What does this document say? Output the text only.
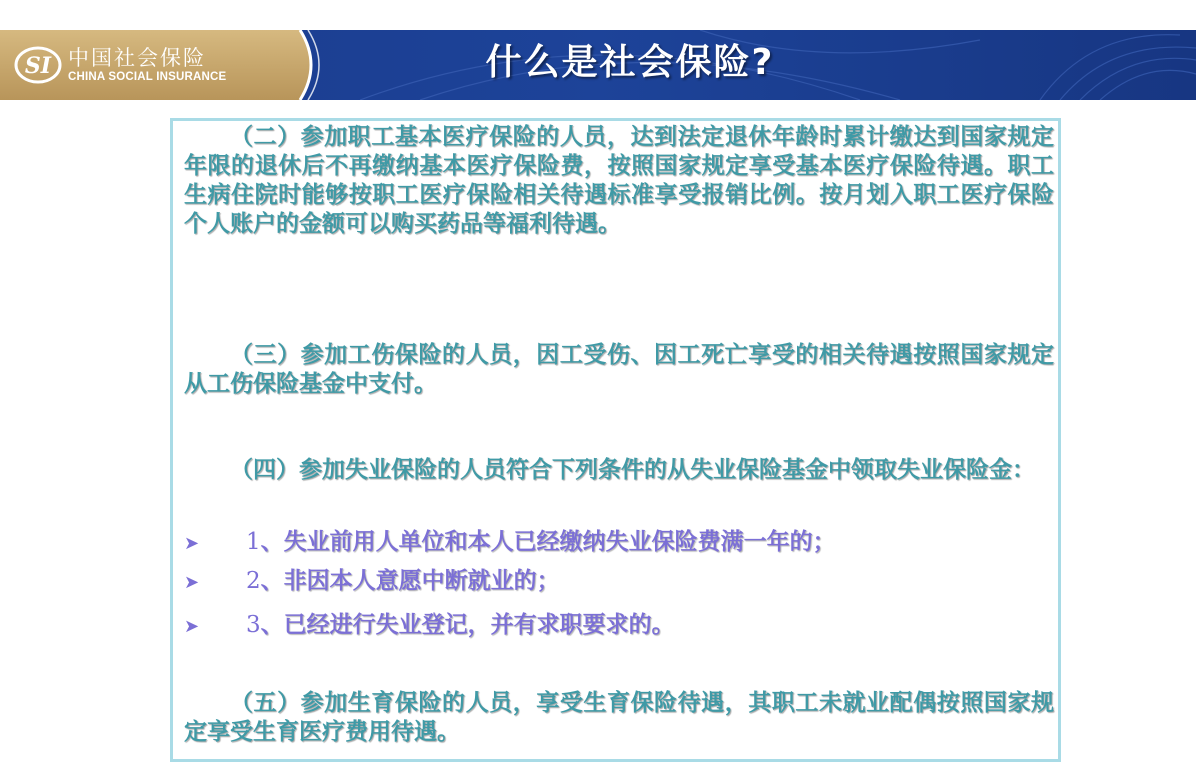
SI 中国社会保险
CHINA SOCIAL INSURANCE	什么是社会保险?
（二）参加职工基本医疗保险的人员，达到法定退休年龄时累计缴达到国家规定年限的退休后不再缴纳基本医疗保险费，按照国家规定享受基本医疗保险待遇。职工生病住院时能够按职工医疗保险相关待遇标准享受报销比例。按月划入职工医疗保险个人账户的金额可以购买药品等福利待遇。
（三）参加工伤保险的人员，因工受伤、因工死亡享受的相关待遇按照国家规定从工伤保险基金中支付。
（四）参加失业保险的人员符合下列条件的从失业保险基金中领取失业保险金：
➤ 1、失业前用人单位和本人已经缴纳失业保险费满一年的；
➤ 2、非因本人意愿中断就业的；
➤ 3、已经进行失业登记，并有求职要求的。
（五）参加生育保险的人员，享受生育保险待遇，其职工未就业配偶按照国家规定享受生育医疗费用待遇。
